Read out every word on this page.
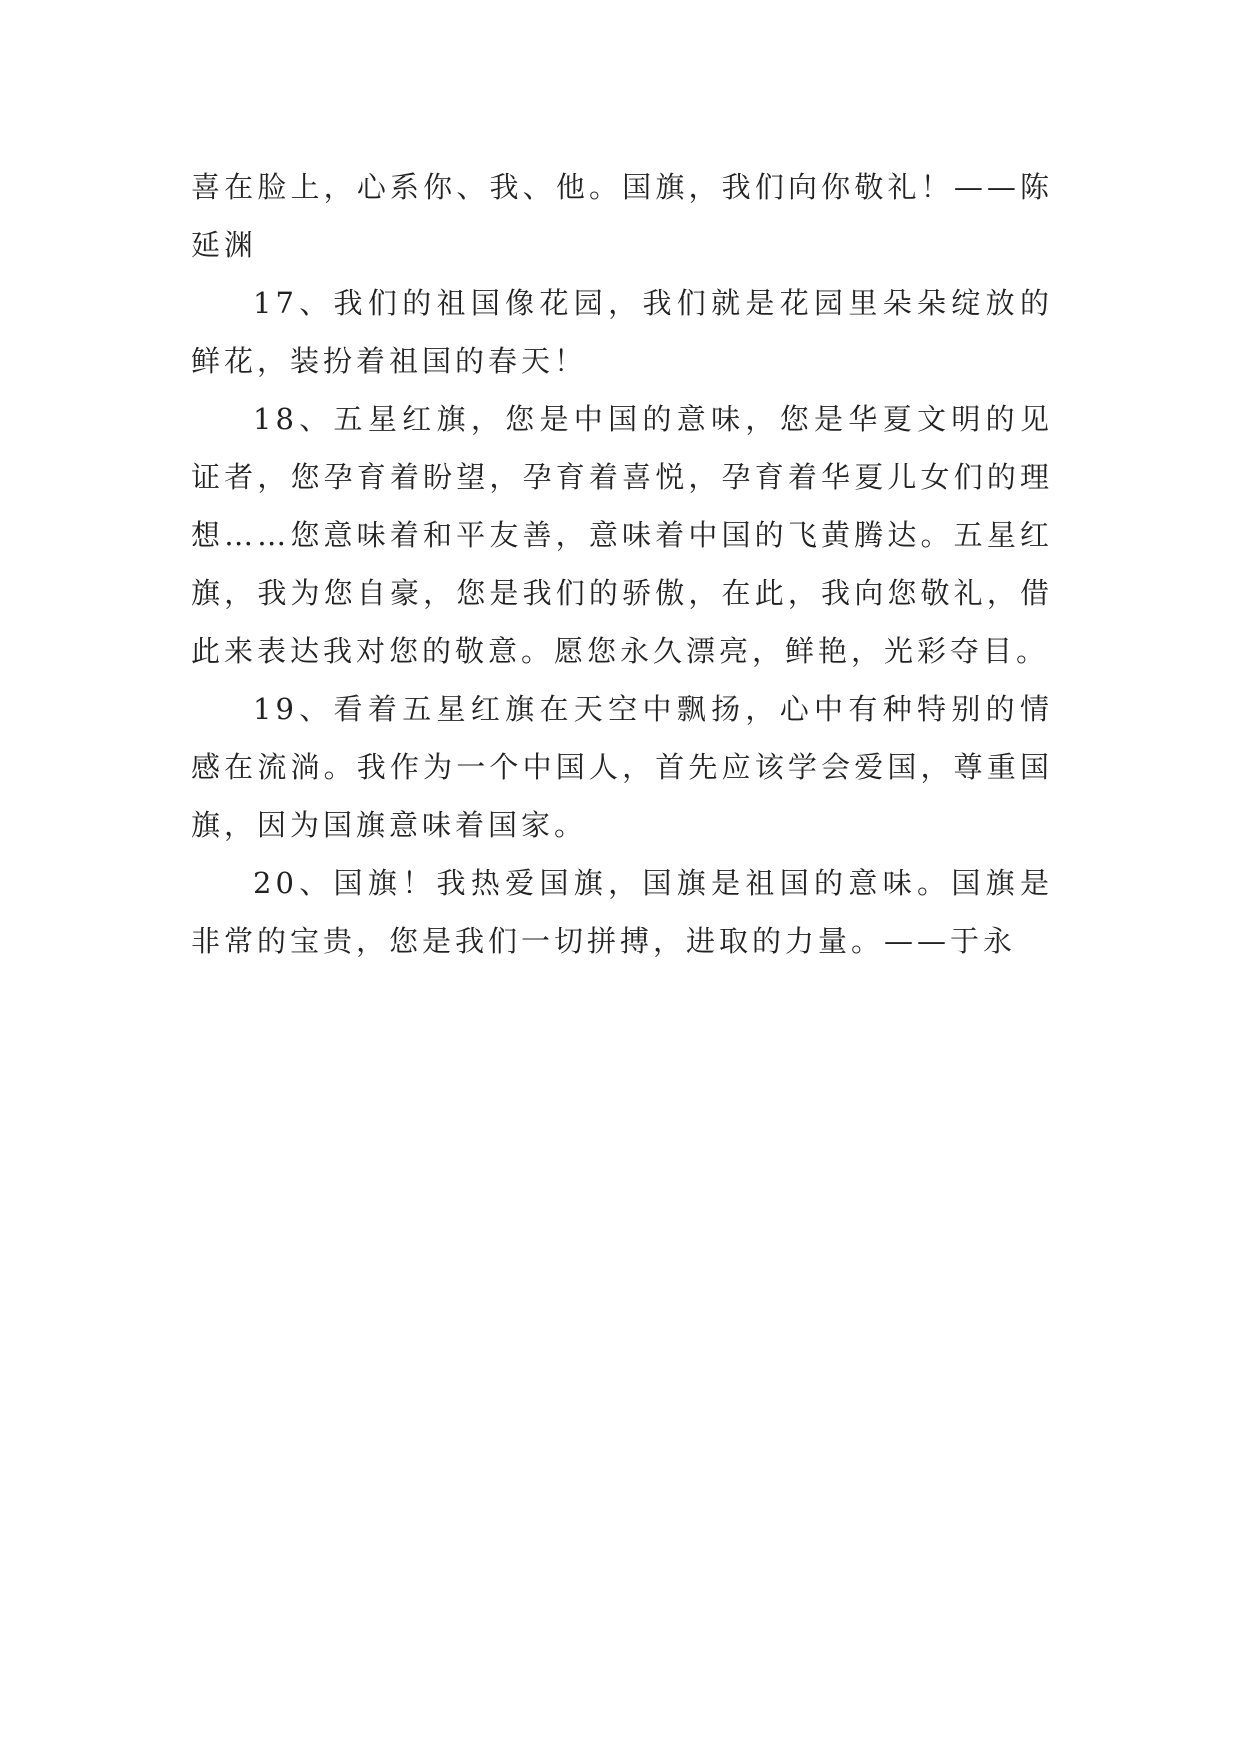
喜在脸上，心系你、我、他。国旗，我们向你敬礼！——陈延渊

17、我们的祖国像花园，我们就是花园里朵朵绽放的鲜花，装扮着祖国的春天！

18、五星红旗，您是中国的意味，您是华夏文明的见证者，您孕育着盼望，孕育着喜悦，孕育着华夏儿女们的理想……您意味着和平友善，意味着中国的飞黄腾达。五星红旗，我为您自豪，您是我们的骄傲，在此，我向您敬礼，借此来表达我对您的敬意。愿您永久漂亮，鲜艳，光彩夺目。

19、看着五星红旗在天空中飘扬，心中有种特别的情感在流淌。我作为一个中国人，首先应该学会爱国，尊重国旗，因为国旗意味着国家。

20、国旗！我热爱国旗，国旗是祖国的意味。国旗是非常的宝贵，您是我们一切拼搏，进取的力量。——于永
